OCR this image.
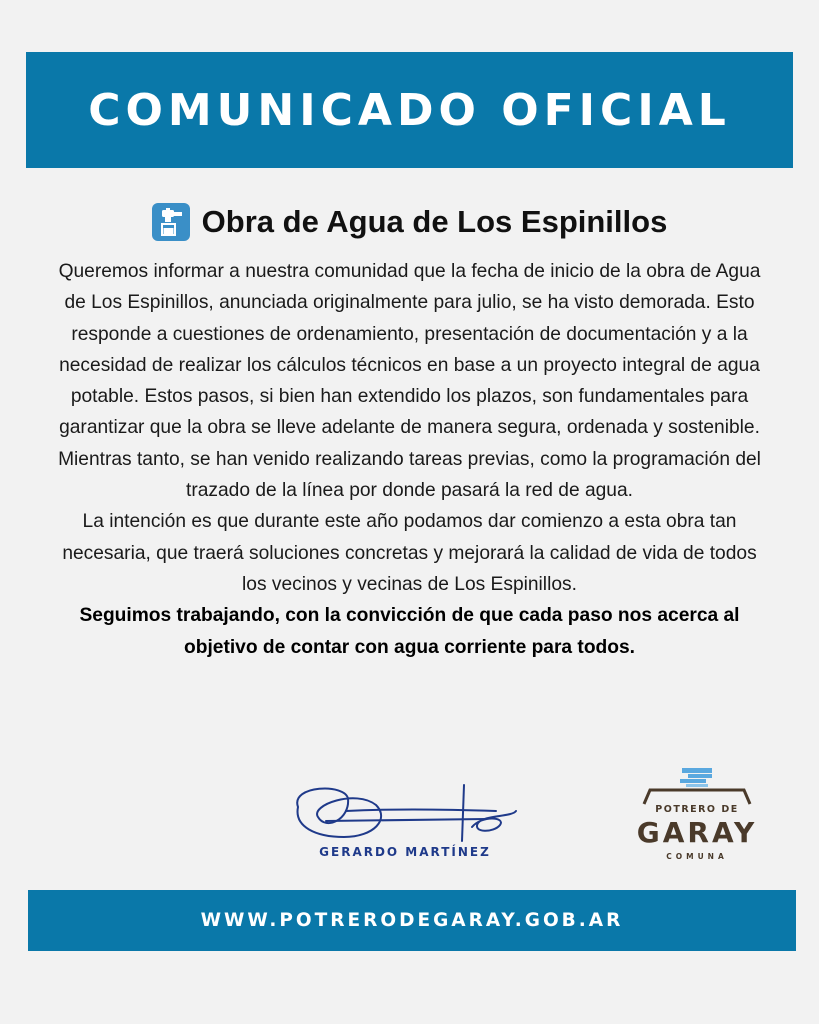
COMUNICADO OFICIAL
Obra de Agua de Los Espinillos

Queremos informar a nuestra comunidad que la fecha de inicio de la obra de Agua de Los Espinillos, anunciada originalmente para julio, se ha visto demorada. Esto responde a cuestiones de ordenamiento, presentación de documentación y a la necesidad de realizar los cálculos técnicos en base a un proyecto integral de agua potable. Estos pasos, si bien han extendido los plazos, son fundamentales para garantizar que la obra se lleve adelante de manera segura, ordenada y sostenible.

Mientras tanto, se han venido realizando tareas previas, como la programación del trazado de la línea por donde pasará la red de agua.

La intención es que durante este año podamos dar comienzo a esta obra tan necesaria, que traerá soluciones concretas y mejorará la calidad de vida de todos los vecinos y vecinas de Los Espinillos.

Seguimos trabajando, con la convicción de que cada paso nos acerca al objetivo de contar con agua corriente para todos.

GERARDO MARTÍNEZ
POTRERO DE
GARAY
COMUNA
WWW.POTRERODEGARAY.GOB.AR
